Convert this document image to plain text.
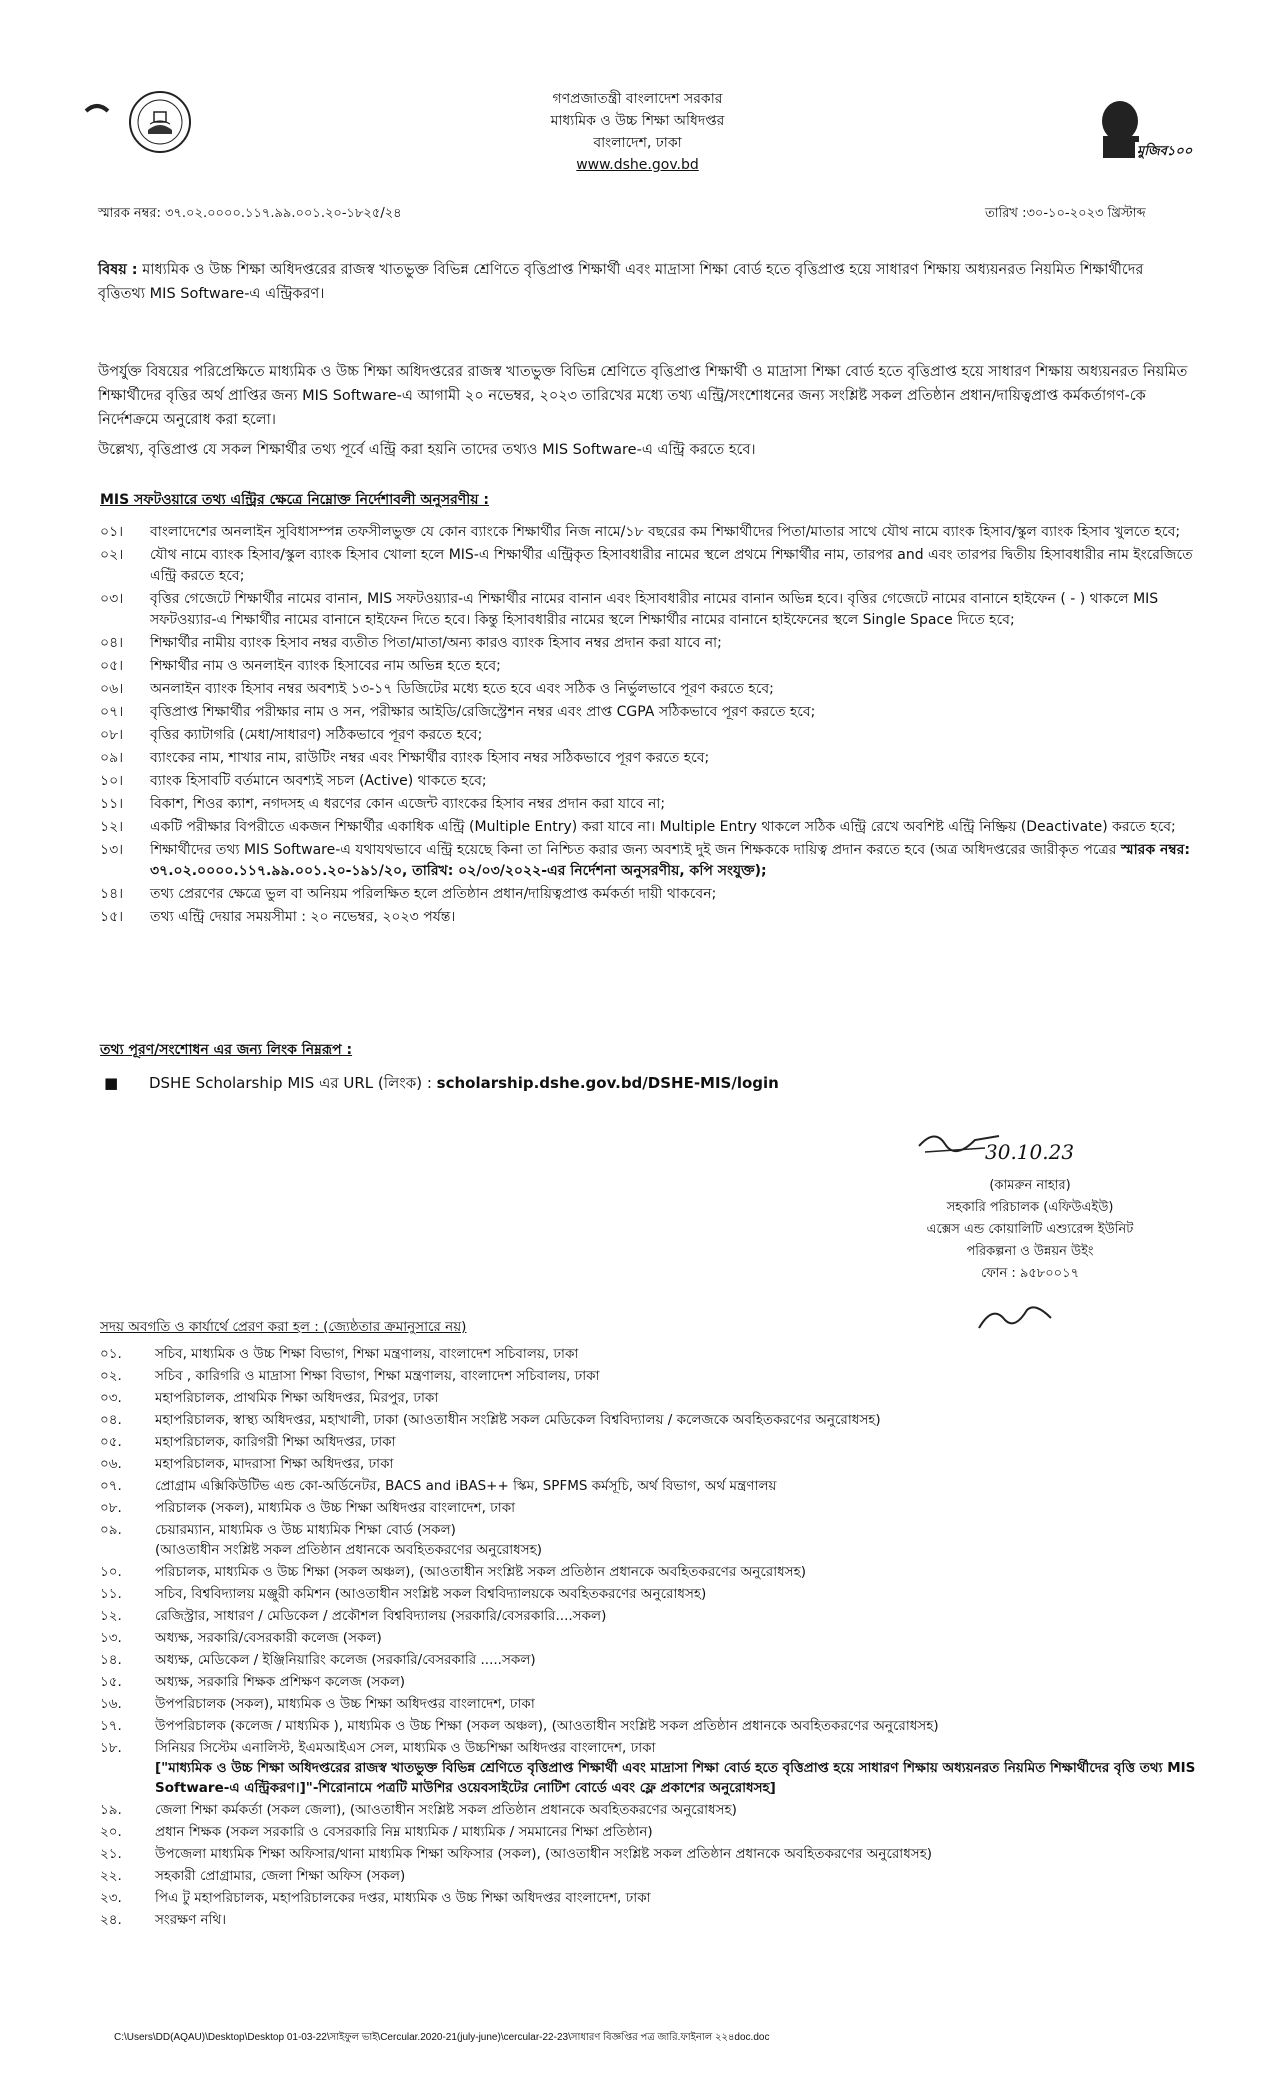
গণপ্রজাতন্ত্রী বাংলাদেশ সরকার
মাধ্যমিক ও উচ্চ শিক্ষা অধিদপ্তর
বাংলাদেশ, ঢাকা
www.dshe.gov.bd
মুজিব১০০
স্মারক নম্বর: ৩৭.০২.০০০০.১১৭.৯৯.০০১.২০-১৮২৫/২৪	তারিখ :৩০-১০-২০২৩ খ্রিস্টাব্দ
বিষয় : মাধ্যমিক ও উচ্চ শিক্ষা অধিদপ্তরের রাজস্ব খাতভুক্ত বিভিন্ন শ্রেণিতে বৃত্তিপ্রাপ্ত শিক্ষার্থী এবং মাদ্রাসা শিক্ষা বোর্ড হতে বৃত্তিপ্রাপ্ত হয়ে সাধারণ শিক্ষায় অধ্যয়নরত নিয়মিত শিক্ষার্থীদের বৃত্তিতথ্য MIS Software-এ এন্ট্রিকরণ।
উপর্যুক্ত বিষয়ের পরিপ্রেক্ষিতে মাধ্যমিক ও উচ্চ শিক্ষা অধিদপ্তরের রাজস্ব খাতভুক্ত বিভিন্ন শ্রেণিতে বৃত্তিপ্রাপ্ত শিক্ষার্থী ও মাদ্রাসা শিক্ষা বোর্ড হতে বৃত্তিপ্রাপ্ত হয়ে সাধারণ শিক্ষায় অধ্যয়নরত নিয়মিত শিক্ষার্থীদের বৃত্তির অর্থ প্রাপ্তির জন্য MIS Software-এ আগামী ২০ নভেম্বর, ২০২৩ তারিখের মধ্যে তথ্য এন্ট্রি/সংশোধনের জন্য সংশ্লিষ্ট সকল প্রতিষ্ঠান প্রধান/দায়িত্বপ্রাপ্ত কর্মকর্তাগণ-কে নির্দেশক্রমে অনুরোধ করা হলো।
উল্লেখ্য, বৃত্তিপ্রাপ্ত যে সকল শিক্ষার্থীর তথ্য পূর্বে এন্ট্রি করা হয়নি তাদের তথ্যও MIS Software-এ এন্ট্রি করতে হবে।
MIS সফটওয়ারে তথ্য এন্ট্রির ক্ষেত্রে নিম্নোক্ত নির্দেশাবলী অনুসরণীয় :
০১।	বাংলাদেশের অনলাইন সুবিধাসম্পন্ন তফসীলভুক্ত যে কোন ব্যাংকে শিক্ষার্থীর নিজ নামে/১৮ বছরের কম শিক্ষার্থীদের পিতা/মাতার সাথে যৌথ নামে ব্যাংক হিসাব/স্কুল ব্যাংক হিসাব খুলতে হবে;
০২।	যৌথ নামে ব্যাংক হিসাব/স্কুল ব্যাংক হিসাব খোলা হলে MIS-এ শিক্ষার্থীর এন্ট্রিকৃত হিসাবধারীর নামের স্থলে প্রথমে শিক্ষার্থীর নাম, তারপর and এবং তারপর দ্বিতীয় হিসাবধারীর নাম ইংরেজিতে এন্ট্রি করতে হবে;
০৩।	বৃত্তির গেজেটে শিক্ষার্থীর নামের বানান, MIS সফটওয়্যার-এ শিক্ষার্থীর নামের বানান এবং হিসাবধারীর নামের বানান অভিন্ন হবে। বৃত্তির গেজেটে নামের বানানে হাইফেন ( - ) থাকলে MIS সফটওয়্যার-এ শিক্ষার্থীর নামের বানানে হাইফেন দিতে হবে। কিন্তু হিসাবধারীর নামের স্থলে শিক্ষার্থীর নামের বানানে হাইফেনের স্থলে Single Space দিতে হবে;
০৪।	শিক্ষার্থীর নামীয় ব্যাংক হিসাব নম্বর ব্যতীত পিতা/মাতা/অন্য কারও ব্যাংক হিসাব নম্বর প্রদান করা যাবে না;
০৫।	শিক্ষার্থীর নাম ও অনলাইন ব্যাংক হিসাবের নাম অভিন্ন হতে হবে;
০৬।	অনলাইন ব্যাংক হিসাব নম্বর অবশ্যই ১৩-১৭ ডিজিটের মধ্যে হতে হবে এবং সঠিক ও নির্ভুলভাবে পূরণ করতে হবে;
০৭।	বৃত্তিপ্রাপ্ত শিক্ষার্থীর পরীক্ষার নাম ও সন, পরীক্ষার আইডি/রেজিস্ট্রেশন নম্বর এবং প্রাপ্ত CGPA সঠিকভাবে পূরণ করতে হবে;
০৮।	বৃত্তির ক্যাটাগরি (মেধা/সাধারণ) সঠিকভাবে পূরণ করতে হবে;
০৯।	ব্যাংকের নাম, শাখার নাম, রাউটিং নম্বর এবং শিক্ষার্থীর ব্যাংক হিসাব নম্বর সঠিকভাবে পূরণ করতে হবে;
১০।	ব্যাংক হিসাবটি বর্তমানে অবশ্যই সচল (Active) থাকতে হবে;
১১।	বিকাশ, শিওর ক্যাশ, নগদসহ এ ধরণের কোন এজেন্ট ব্যাংকের হিসাব নম্বর প্রদান করা যাবে না;
১২।	একটি পরীক্ষার বিপরীতে একজন শিক্ষার্থীর একাধিক এন্ট্রি (Multiple Entry) করা যাবে না। Multiple Entry থাকলে সঠিক এন্ট্রি রেখে অবশিষ্ট এন্ট্রি নিষ্ক্রিয় (Deactivate) করতে হবে;
১৩।	শিক্ষার্থীদের তথ্য MIS Software-এ যথাযথভাবে এন্ট্রি হয়েছে কিনা তা নিশ্চিত করার জন্য অবশ্যই দুই জন শিক্ষককে দায়িত্ব প্রদান করতে হবে (অত্র অধিদপ্তরের জারীকৃত পত্রের স্মারক নম্বর: ৩৭.০২.০০০০.১১৭.৯৯.০০১.২০-১৯১/২০, তারিখ: ০২/০৩/২০২২-এর নির্দেশনা অনুসরণীয়, কপি সংযুক্ত);
১৪।	তথ্য প্রেরণের ক্ষেত্রে ভুল বা অনিয়ম পরিলক্ষিত হলে প্রতিষ্ঠান প্রধান/দায়িত্বপ্রাপ্ত কর্মকর্তা দায়ী থাকবেন;
১৫।	তথ্য এন্ট্রি দেয়ার সময়সীমা : ২০ নভেম্বর, ২০২৩ পর্যন্ত।
তথ্য পূরণ/সংশোধন এর জন্য লিংক নিম্নরূপ :
■ DSHE Scholarship MIS এর URL (লিংক) : scholarship.dshe.gov.bd/DSHE-MIS/login
30.10.23
(কামরুন নাহার)
সহকারি পরিচালক (এফিউএইউ)
এক্সেস এন্ড কোয়ালিটি এশ্যুরেন্স ইউনিট
পরিকল্পনা ও উন্নয়ন উইং
ফোন : ৯৫৮০০১৭
সদয় অবগতি ও কার্যার্থে প্রেরণ করা হল : (জ্যেষ্ঠতার ক্রমানুসারে নয়)
০১.	সচিব, মাধ্যমিক ও উচ্চ শিক্ষা বিভাগ, শিক্ষা মন্ত্রণালয়, বাংলাদেশ সচিবালয়, ঢাকা
০২.	সচিব , কারিগরি ও মাদ্রাসা শিক্ষা বিভাগ, শিক্ষা মন্ত্রণালয়, বাংলাদেশ সচিবালয়, ঢাকা
০৩.	মহাপরিচালক, প্রাথমিক শিক্ষা অধিদপ্তর, মিরপুর, ঢাকা
০৪.	মহাপরিচালক, স্বাস্থ্য অধিদপ্তর, মহাখালী, ঢাকা (আওতাধীন সংশ্লিষ্ট সকল মেডিকেল বিশ্ববিদ্যালয় / কলেজকে অবহিতকরণের অনুরোধসহ)
০৫.	মহাপরিচালক, কারিগরী শিক্ষা অধিদপ্তর, ঢাকা
০৬.	মহাপরিচালক, মাদরাসা শিক্ষা অধিদপ্তর, ঢাকা
০৭.	প্রোগ্রাম এক্সিকিউটিভ এন্ড কো-অর্ডিনেটর, BACS and iBAS++ স্কিম, SPFMS কর্মসূচি, অর্থ বিভাগ, অর্থ মন্ত্রণালয়
০৮.	পরিচালক (সকল), মাধ্যমিক ও উচ্চ শিক্ষা অধিদপ্তর বাংলাদেশ, ঢাকা
০৯.	চেয়ারম্যান, মাধ্যমিক ও উচ্চ মাধ্যমিক শিক্ষা বোর্ড (সকল)
(আওতাধীন সংশ্লিষ্ট সকল প্রতিষ্ঠান প্রধানকে অবহিতকরণের অনুরোধসহ)
১০.	পরিচালক, মাধ্যমিক ও উচ্চ শিক্ষা (সকল অঞ্চল), (আওতাধীন সংশ্লিষ্ট সকল প্রতিষ্ঠান প্রধানকে অবহিতকরণের অনুরোধসহ)
১১.	সচিব, বিশ্ববিদ্যালয় মঞ্জুরী কমিশন (আওতাধীন সংশ্লিষ্ট সকল বিশ্ববিদ্যালয়কে অবহিতকরণের অনুরোধসহ)
১২.	রেজিস্ট্রার, সাধারণ / মেডিকেল / প্রকৌশল বিশ্ববিদ্যালয় (সরকারি/বেসরকারি....সকল)
১৩.	অধ্যক্ষ, সরকারি/বেসরকারী কলেজ (সকল)
১৪.	অধ্যক্ষ, মেডিকেল / ইঞ্জিনিয়ারিং কলেজ (সরকারি/বেসরকারি .....সকল)
১৫.	অধ্যক্ষ, সরকারি শিক্ষক প্রশিক্ষণ কলেজ (সকল)
১৬.	উপপরিচালক (সকল), মাধ্যমিক ও উচ্চ শিক্ষা অধিদপ্তর বাংলাদেশ, ঢাকা
১৭.	উপপরিচালক (কলেজ / মাধ্যমিক ), মাধ্যমিক ও উচ্চ শিক্ষা (সকল অঞ্চল), (আওতাধীন সংশ্লিষ্ট সকল প্রতিষ্ঠান প্রধানকে অবহিতকরণের অনুরোধসহ)
১৮.	সিনিয়র সিস্টেম এনালিস্ট, ইএমআইএস সেল, মাধ্যমিক ও উচ্চশিক্ষা অধিদপ্তর বাংলাদেশ, ঢাকা
["মাধ্যমিক ও উচ্চ শিক্ষা অধিদপ্তরের রাজস্ব খাতভুক্ত বিভিন্ন শ্রেণিতে বৃত্তিপ্রাপ্ত শিক্ষার্থী এবং মাদ্রাসা শিক্ষা বোর্ড হতে বৃত্তিপ্রাপ্ত হয়ে সাধারণ শিক্ষায় অধ্যয়নরত নিয়মিত শিক্ষার্থীদের বৃত্তি তথ্য MIS Software-এ এন্ট্রিকরণ।]"-শিরোনামে পত্রটি মাউশির ওয়েবসাইটের নোটিশ বোর্ডে এবং ফ্লে প্রকাশের অনুরোধসহ]
১৯.	জেলা শিক্ষা কর্মকর্তা (সকল জেলা), (আওতাধীন সংশ্লিষ্ট সকল প্রতিষ্ঠান প্রধানকে অবহিতকরণের অনুরোধসহ)
২০.	প্রধান শিক্ষক (সকল সরকারি ও বেসরকারি নিম্ন মাধ্যমিক / মাধ্যমিক / সমমানের শিক্ষা প্রতিষ্ঠান)
২১.	উপজেলা মাধ্যমিক শিক্ষা অফিসার/থানা মাধ্যমিক শিক্ষা অফিসার (সকল), (আওতাধীন সংশ্লিষ্ট সকল প্রতিষ্ঠান প্রধানকে অবহিতকরণের অনুরোধসহ)
২২.	সহকারী প্রোগ্রামার, জেলা শিক্ষা অফিস (সকল)
২৩.	পিএ টু মহাপরিচালক, মহাপরিচালকের দপ্তর, মাধ্যমিক ও উচ্চ শিক্ষা অধিদপ্তর বাংলাদেশ, ঢাকা
২৪.	সংরক্ষণ নথি।
C:\Users\DD(AQAU)\Desktop\Desktop 01-03-22\সাইফুল ভাই\Cercular.2020-21(july-june)\cercular-22-23\সাধারণ বিজ্ঞপ্তির পত্র জারি.ফাইনাল ২২৪doc.doc
